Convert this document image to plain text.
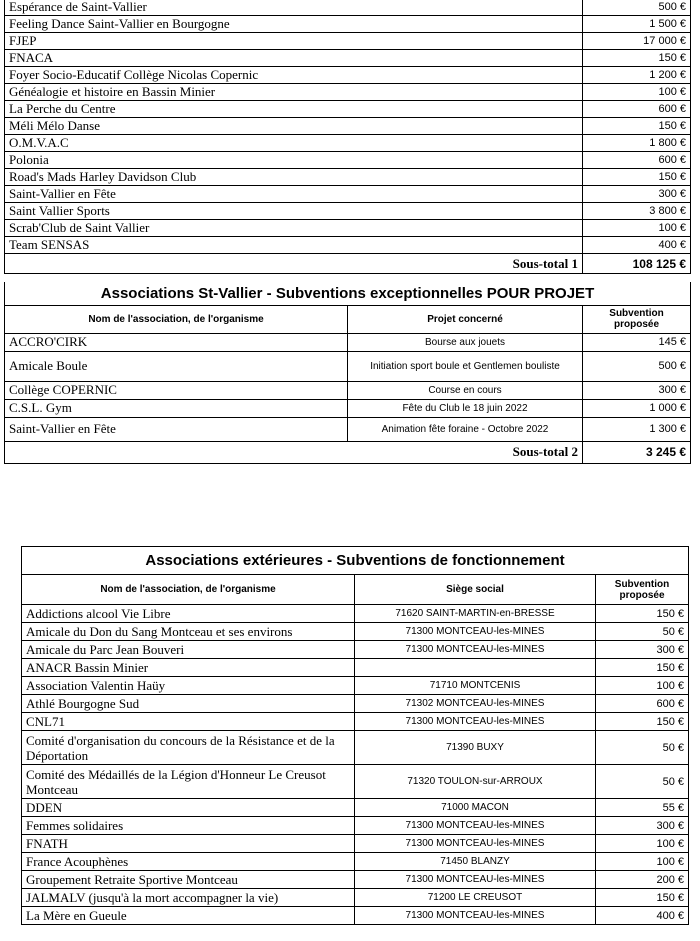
Espérance de Saint-Vallier	500 €
Feeling Dance Saint-Vallier en Bourgogne	1 500 €
FJEP	17 000 €
FNACA	150 €
Foyer Socio-Educatif Collège Nicolas Copernic	1 200 €
Généalogie et histoire en Bassin Minier	100 €
La Perche du Centre	600 €
Méli Mélo Danse	150 €
O.M.V.A.C	1 800 €
Polonia	600 €
Road's Mads Harley Davidson Club	150 €
Saint-Vallier en Fête	300 €
Saint Vallier Sports	3 800 €
Scrab'Club de Saint Vallier	100 €
Team SENSAS	400 €
Sous-total 1	108 125 €
Associations St-Vallier - Subventions exceptionnelles POUR PROJET		
Nom de l'association, de l'organisme	Projet concerné	Subvention proposée
ACCRO'CIRK	Bourse aux jouets	145 €
Amicale Boule	Initiation sport boule et Gentlemen bouliste	500 €
Collège COPERNIC	Course en cours	300 €
C.S.L. Gym	Fête du Club le 18 juin 2022	1 000 €
Saint-Vallier en Fête	Animation fête foraine - Octobre 2022	1 300 €
Sous-total 2		3 245 €
Associations extérieures - Subventions de fonctionnement		
Nom de l'association, de l'organisme	Siège social	Subvention proposée
Addictions alcool Vie Libre	71620 SAINT-MARTIN-en-BRESSE	150 €
Amicale du Don du Sang Montceau et ses environs	71300 MONTCEAU-les-MINES	50 €
Amicale du Parc Jean Bouveri	71300 MONTCEAU-les-MINES	300 €
ANACR Bassin Minier		150 €
Association Valentin Haüy	71710 MONTCENIS	100 €
Athlé Bourgogne Sud	71302 MONTCEAU-les-MINES	600 €
CNL71	71300 MONTCEAU-les-MINES	150 €
Comité d'organisation du concours de la Résistance et de la Déportation	71390 BUXY	50 €
Comité des Médaillés de la Légion d'Honneur Le Creusot Montceau	71320 TOULON-sur-ARROUX	50 €
DDEN	71000 MACON	55 €
Femmes solidaires	71300 MONTCEAU-les-MINES	300 €
FNATH	71300 MONTCEAU-les-MINES	100 €
France Acouphènes	71450 BLANZY	100 €
Groupement Retraite Sportive Montceau	71300 MONTCEAU-les-MINES	200 €
JALMALV (jusqu'à la mort accompagner la vie)	71200 LE CREUSOT	150 €
La Mère en Gueule	71300 MONTCEAU-les-MINES	400 €
